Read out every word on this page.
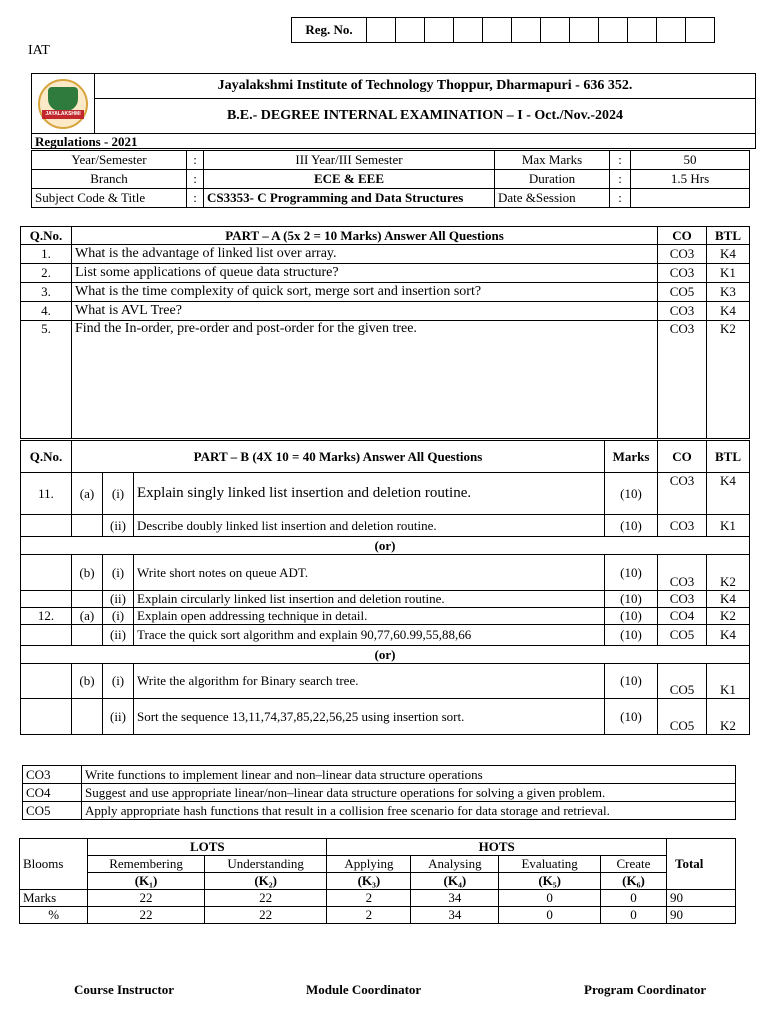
Reg. No.												
IAT
JAYALAKSHMI
	Jayalakshmi Institute of Technology Thoppur, Dharmapuri - 636 352.
B.E.- DEGREE INTERNAL EXAMINATION – I - Oct./Nov.-2024
Regulations - 2021
Year/Semester	:	III Year/III Semester	Max Marks	:	50
Branch	:	ECE & EEE	Duration	:	1.5 Hrs
Subject Code & Title	:	CS3353- C Programming and Data Structures	Date &Session	:	
Q.No.	PART – A (5x 2 = 10 Marks) Answer All Questions	CO	BTL
1.	What is the advantage of linked list over array.	CO3	K4
2.	List some applications of queue data structure?	CO3	K1
3.	What is the time complexity of quick sort, merge sort and insertion sort?	CO5	K3
4.	What is AVL Tree?	CO3	K4
5.	Find the In-order, pre-order and post-order for the given tree.	CO3	K2
Q.No.	PART – B (4X 10 = 40 Marks) Answer All Questions			Marks	CO	BTL
11.	(a)	(i)	Explain singly linked list insertion and deletion routine.	(10)	CO3	K4
		(ii)	Describe doubly linked list insertion and deletion routine.	(10)	CO3	K1
(or)						
	(b)	(i)	Write short notes on queue ADT.	(10)	CO3	K2
		(ii)	Explain circularly linked list insertion and deletion routine.	(10)	CO3	K4
12.	(a)	(i)	Explain open addressing technique in detail.	(10)	CO4	K2
		(ii)	Trace the quick sort algorithm and explain 90,77,60.99,55,88,66	(10)	CO5	K4
(or)						
	(b)	(i)	Write the algorithm for Binary search tree.	(10)	CO5	K1
		(ii)	Sort the sequence 13,11,74,37,85,22,56,25 using insertion sort.	(10)	CO5	K2
CO3	Write functions to implement linear and non–linear data structure operations
CO4	Suggest and use appropriate linear/non–linear data structure operations for solving a given problem.
CO5	Apply appropriate hash functions that result in a collision free scenario for data storage and retrieval.
Blooms	LOTS		HOTS				Total
	Remembering	Understanding	Applying	Analysing	Evaluating	Create	
	(K₁)	(K₂)	(K₃)	(K₄)	(K₅)	(K₆)	
Marks	22	22	2	34	0	0	90
%	22	22	2	34	0	0	90
Course Instructor	Module Coordinator	Program Coordinator
